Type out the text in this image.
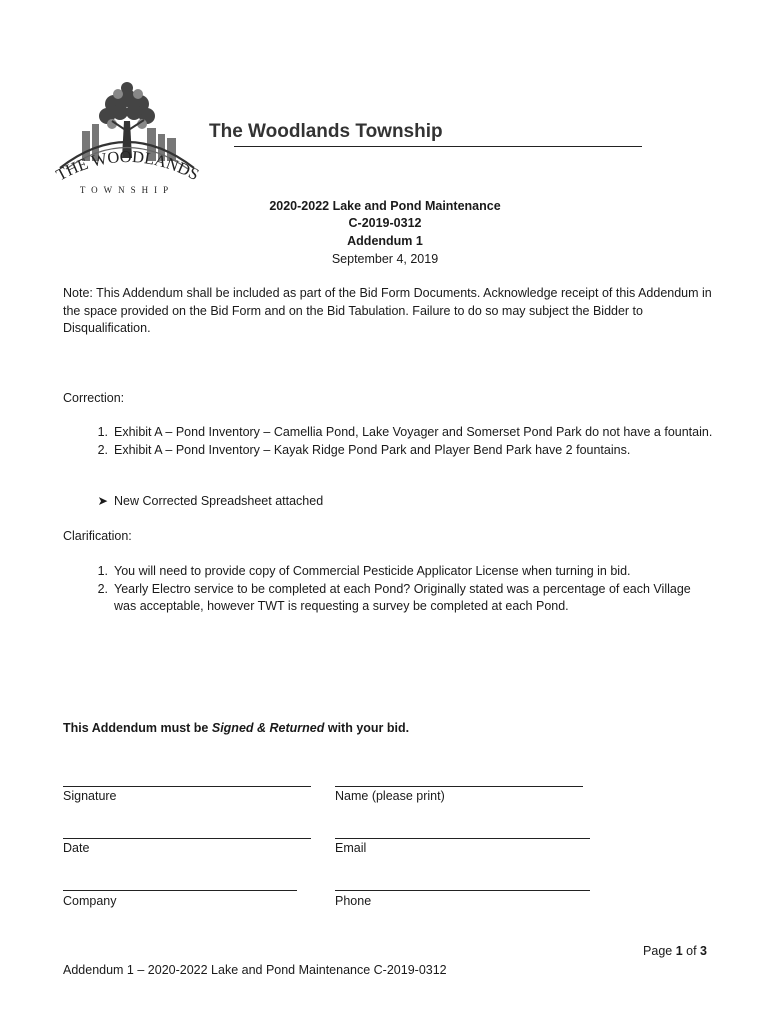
THE WOODLANDS
TOWNSHIP
The Woodlands Township
2020-2022 Lake and Pond Maintenance
C-2019-0312
Addendum 1
September 4, 2019
Note: This Addendum shall be included as part of the Bid Form Documents. Acknowledge receipt of this Addendum in the space provided on the Bid Form and on the Bid Tabulation. Failure to do so may subject the Bidder to Disqualification.
Correction:
1. Exhibit A – Pond Inventory – Camellia Pond, Lake Voyager and Somerset Pond Park do not have a fountain.
2. Exhibit A – Pond Inventory – Kayak Ridge Pond Park and Player Bend Park have 2 fountains.
➤ New Corrected Spreadsheet attached
Clarification:
1. You will need to provide copy of Commercial Pesticide Applicator License when turning in bid.
2. Yearly Electro service to be completed at each Pond? Originally stated was a percentage of each Village was acceptable, however TWT is requesting a survey be completed at each Pond.
This Addendum must be Signed & Returned with your bid.
Signature	Name (please print)
Date	Email
Company	Phone
Page 1 of 3
Addendum 1 – 2020-2022 Lake and Pond Maintenance C-2019-0312
